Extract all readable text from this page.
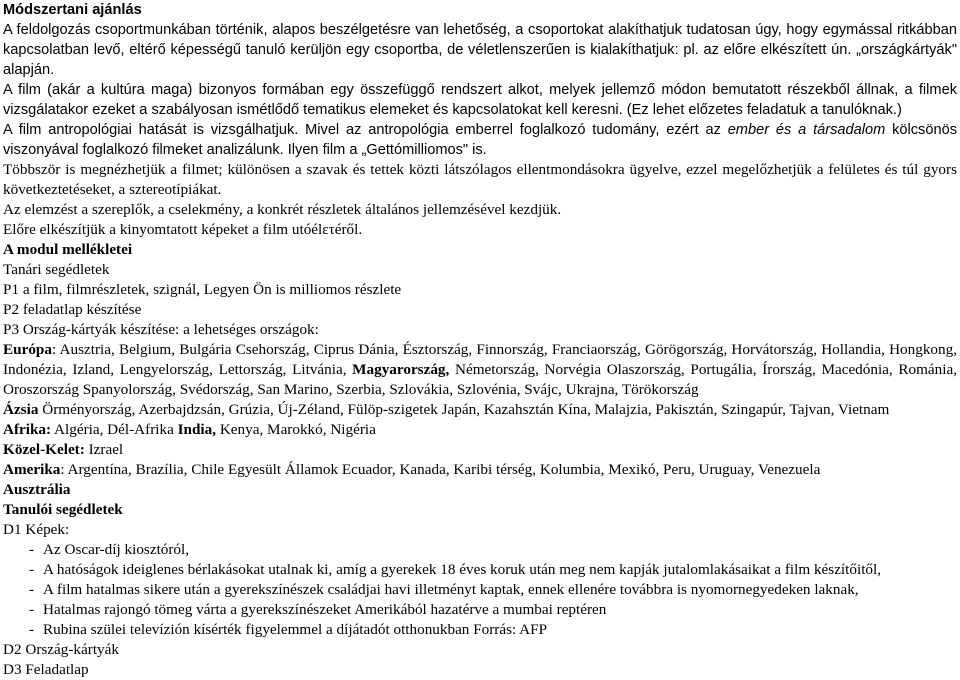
Módszertani ajánlás
A feldolgozás csoportmunkában történik, alapos beszélgetésre van lehetőség, a csoportokat alakíthatjuk tudatosan úgy, hogy egymással ritkábban kapcsolatban levő, eltérő képességű tanuló kerüljön egy csoportba, de véletlenszerűen is kialakíthatjuk: pl. az előre elkészített ún. „országkártyák" alapján.
A film (akár a kultúra maga) bizonyos formában egy összefüggő rendszert alkot, melyek jellemző módon bemutatott részekből állnak, a filmek vizsgálatakor ezeket a szabályosan ismétlődő tematikus elemeket és kapcsolatokat kell keresni. (Ez lehet előzetes feladatuk a tanulóknak.)
A film antropológiai hatását is vizsgálhatjuk. Mivel az antropológia emberrel foglalkozó tudomány, ezért az ember és a társadalom kölcsönös viszonyával foglalkozó filmeket analizálunk. Ilyen film a „Gettómilliomos" is.
Többször is megnézhetjük a filmet; különösen a szavak és tettek közti látszólagos ellentmondásokra ügyelve, ezzel megelőzhetjük a felületes és túl gyors következtetéseket, a sztereotípiákat.
Az elemzést a szereplők, a cselekmény, a konkrét részletek általános jellemzésével kezdjük.
Előre elkészítjük a kinyomtatott képeket a film utóélετéről.
A modul mellékletei
Tanári segédletek
P1 a film, filmrészletek, szignál, Legyen Ön is milliomos részlete
P2 feladatlap készítése
P3 Ország-kártyák készítése: a lehetséges országok:
Európa: Ausztria, Belgium, Bulgária Csehország, Ciprus Dánia, Észtország, Finnország, Franciaország, Görögország, Horvátország, Hollandia, Hongkong, Indonézia, Izland, Lengyelország, Lettország, Litvánia, Magyarország, Németország, Norvégia Olaszország, Portugália, Írország, Macedónia, Románia, Oroszország Spanyolország, Svédország, San Marino, Szerbia, Szlovákia, Szlovénia, Svájc, Ukrajna, Törökország
Ázsia Örményország, Azerbajdzsán, Grúzia, Új-Zéland, Fülöp-szigetek Japán, Kazahsztán Kína, Malajzia, Pakisztán, Szingapúr, Tajvan, Vietnam
Afrika: Algéria, Dél-Afrika India, Kenya, Marokkó, Nigéria
Közel-Kelet: Izrael
Amerika: Argentína, Brazília, Chile Egyesült Államok Ecuador, Kanada, Karibi térség, Kolumbia, Mexikó, Peru, Uruguay, Venezuela
Ausztrália
Tanulói segédletek
D1 Képek:
- Az Oscar-díj kiosztóról,
- A hatóságok ideiglenes bérlakásokat utalnak ki, amíg a gyerekek 18 éves koruk után meg nem kapják jutalomlakásaikat a film készítőitől,
- A film hatalmas sikere után a gyerekszínészek családjai havi illetményt kaptak, ennek ellenére továbbra is nyomornegyedeken laknak,
- Hatalmas rajongó tömeg várta a gyerekszínészeket Amerikából hazatérve a mumbai reptéren
- Rubina szülei televízión kísérték figyelemmel a díjátadót otthonukban Forrás: AFP
D2 Ország-kártyák
D3 Feladatlap
